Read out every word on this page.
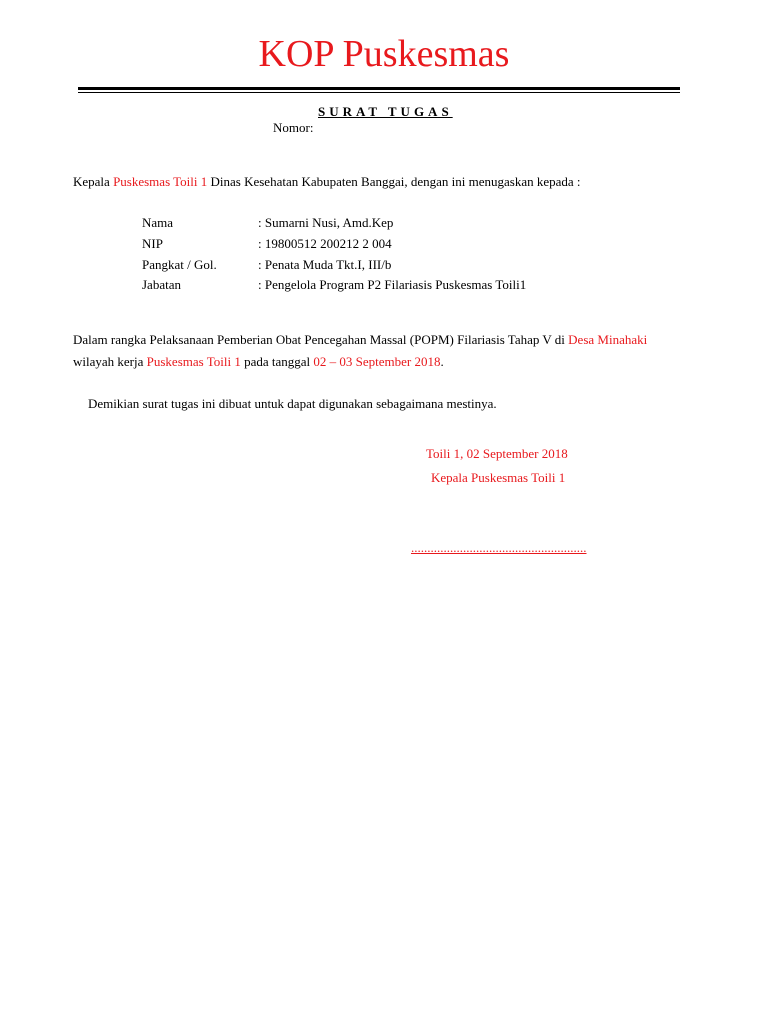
KOP Puskesmas
SURAT TUGAS
Nomor:
Kepala Puskesmas Toili 1 Dinas Kesehatan Kabupaten Banggai, dengan ini menugaskan kepada :
Nama	: Sumarni Nusi, Amd.Kep
NIP	: 19800512 200212 2 004
Pangkat / Gol.	: Penata Muda Tkt.I, III/b
Jabatan	: Pengelola Program P2 Filariasis Puskesmas Toili1
Dalam rangka Pelaksanaan Pemberian Obat Pencegahan Massal (POPM) Filariasis Tahap V di Desa Minahaki
wilayah kerja Puskesmas Toili 1 pada tanggal 02 – 03 September 2018.
Demikian surat tugas ini dibuat untuk dapat digunakan sebagaimana mestinya.
Toili 1, 02 September 2018
Kepala Puskesmas Toili 1
......................................................
